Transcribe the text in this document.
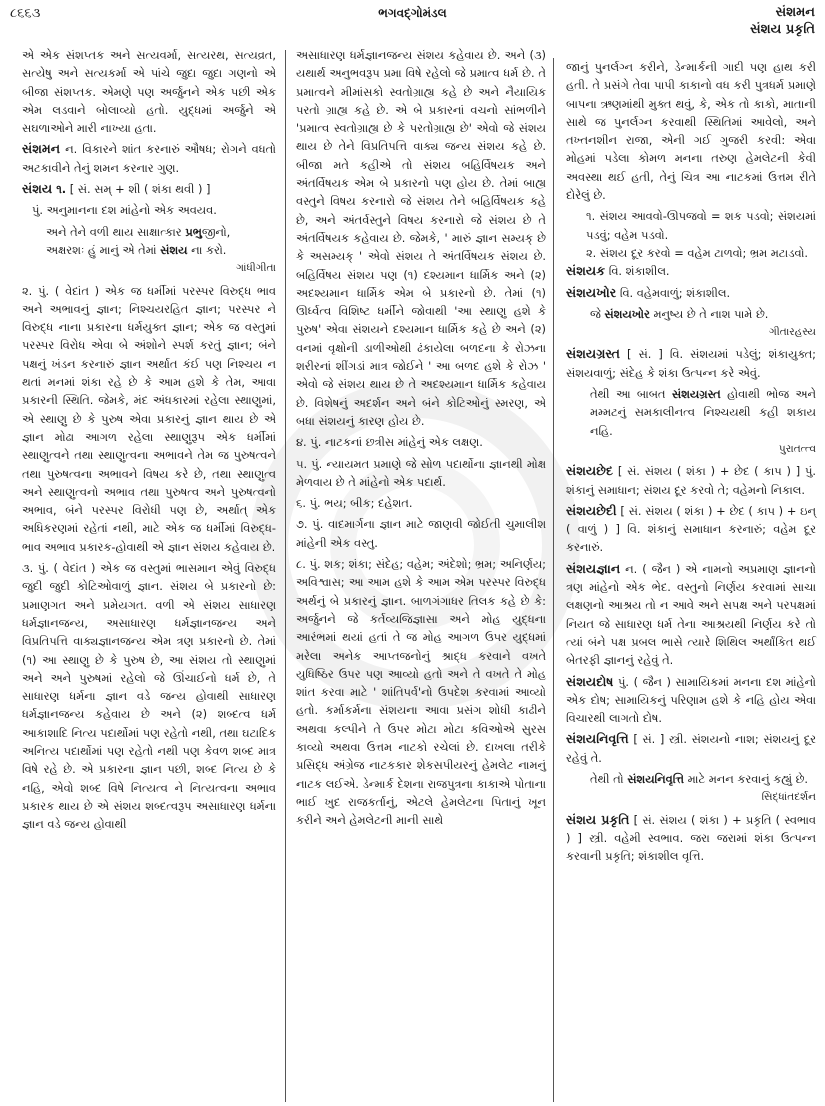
૮૬૬૩	ભગવદ્ગોમંડલ	સંશમન
સંશય પ્રકૃતિ

એ એક સંશપ્તક અને સત્યવર્મા, સત્યરથ, સત્યવ્રત, સત્યેષુ અને સત્યકર્મા એ પાંચે જુદા જુદા ગણનો એ બીજા સંશપ્તક. એમણે પણ અર્જુનને એક પછી એક એમ લડવાને બોલાવ્યો હતો. યુદ્ધમાં અર્જુને એ સઘળાઓને મારી નાખ્યા હતા.

સંશમન ન. વિકારને શાંત કરનારું ઔષધ; રોગને વધતો અટકાવીને તેનું શમન કરનાર ગુણ.

સંશય ૧. [ સં. સમ્ + શી ( શંકા થવી ) ]

પું. અનુમાનના દશ માંહેનો એક અવયવ.

અને તેને વળી થાય સાક્ષાત્કાર પ્રભુજીનો,
અક્ષરશઃ હું માનું એ તેમાં સંશય ના કરો.

ગાંધીગીતા

૨. પું. ( વેદાંત ) એક જ ધર્મીમાં પરસ્પર વિરુદ્ધ ભાવ અને અભાવનું જ્ઞાન; નિશ્ચયરહિત જ્ઞાન; પરસ્પર ને વિરુદ્ધ નાના પ્રકારના ધર્મયુક્ત જ્ઞાન; એક જ વસ્તુમાં પરસ્પર વિરોધ એવા બે અંશોને સ્પર્શ કરતું જ્ઞાન; બંને પક્ષનું ખંડન કરનારું જ્ઞાન અર્થાત કંઈ પણ નિશ્ચય ન થતાં મનમાં શંકા રહે છે કે આમ હશે કે તેમ, આવા પ્રકારની સ્થિતિ. જેમકે, મંદ અંધકારમાં રહેલા સ્થાણુમાં, એ સ્થાણુ છે કે પુરુષ એવા પ્રકારનું જ્ઞાન થાય છે એ જ્ઞાન મોઢા આગળ રહેલા સ્થાણુરૂપ એક ધર્મીમાં સ્થાણુત્વને તથા સ્થાણુત્વના અભાવને તેમ જ પુરુષત્વને તથા પુરુષત્વના અભાવને વિષય કરે છે, તથા સ્થાણુત્વ અને સ્થાણુત્વનો અભાવ તથા પુરુષત્વ અને પુરુષત્વનો અભાવ, બંને પરસ્પર વિરોધી પણ છે, અર્થાત્ એક અધિકરણમાં રહેતાં નથી, માટે એક જ ધર્મીમાં વિરુદ્ધ-ભાવ અભાવ પ્રકારક-હોવાથી એ જ્ઞાન સંશય કહેવાય છે.

૩. પું. ( વેદાંત ) એક જ વસ્તુમાં ભાસમાન એવું વિરુદ્ધ જુદી જુદી કોટિઓવાળું જ્ઞાન. સંશય બે પ્રકારનો છે: પ્રમાણગત અને પ્રમેયગત. વળી એ સંશય સાધારણ ધર્મજ્ઞાનજન્ય, અસાધારણ ધર્મજ્ઞાનજન્ય અને વિપ્રતિપત્તિ વાક્યજ્ઞાનજન્ય એમ ત્રણ પ્રકારનો છે. તેમાં (૧) આ સ્થાણુ છે કે પુરુષ છે, આ સંશય તો સ્થાણુમાં અને અને પુરુષમાં રહેલો જે ઊંચાઈનો ધર્મ છે, તે સાધારણ ધર્મના જ્ઞાન વડે જન્ય હોવાથી સાધારણ ધર્મજ્ઞાનજન્ય કહેવાય છે અને (૨) શબ્દત્વ ધર્મ આકાશાદિ નિત્ય પદાર્થોમાં પણ રહેતો નથી, તથા ઘટાદિક અનિત્ય પદાર્થોમાં પણ રહેતો નથી પણ કેવળ શબ્દ માત્ર વિષે રહે છે. એ પ્રકારના જ્ઞાન પછી, શબ્દ નિત્ય છે કે નહિ, એવો શબ્દ વિષે નિત્યત્વ ને નિત્યત્વના અભાવ પ્રકારક થાય છે એ સંશય શબ્દત્વરૂપ અસાધારણ ધર્મના જ્ઞાન વડે જન્ય હોવાથી

અસાધારણ ધર્મજ્ઞાનજન્ય સંશય કહેવાય છે. અને (૩) યથાર્થ અનુભવરૂપ પ્રમા વિષે રહેલો જે પ્રમાત્વ ધર્મ છે. તે પ્રમાત્વને મીમાંસકો સ્વતોગ્રાહ્ય કહે છે અને નૈયાયિક પરતો ગ્રાહ્ય કહે છે. એ બે પ્રકારનાં વચનો સાંભળીને 'પ્રમાત્વ સ્વતોગ્રાહ્ય છે કે પરતોગ્રાહ્ય છે' એવો જે સંશય થાય છે તેને વિપ્રતિપત્તિ વાક્ય જન્ય સંશય કહે છે. બીજા મતે કહીએ તો સંશય બહિર્વિષયક અને અંતર્વિષયક એમ બે પ્રકારનો પણ હોય છે. તેમાં બાહ્ય વસ્તુને વિષય કરનારો જે સંશય તેને બહિર્વિષયક કહે છે, અને અંતર્વસ્તુને વિષય કરનારો જે સંશય છે તે અંતર્વિષયક કહેવાય છે. જેમકે, ' મારું જ્ઞાન સમ્યક્ છે કે અસમ્યક્ ' એવો સંશય તે અંતર્વિષયક સંશય છે. બહિર્વિષય સંશય પણ (૧) દશ્યમાન ધાર્મિક અને (૨) અદશ્યમાન ધાર્મિક એમ બે પ્રકારનો છે. તેમાં (૧) ઊર્ધ્વત્વ વિશિષ્ટ ધર્મીને જોવાથી 'આ સ્થાણુ હશે કે પુરુષ' એવા સંશયને દશ્યમાન ધાર્મિક કહે છે અને (૨) વનમાં વૃક્ષોની ડાળીઓથી ઢંકાયેલા બળદના કે રોઝના શરીરનાં શીંગડાં માત્ર જોઈને ' આ બળદ હશે કે રોઝ ' એવો જે સંશય થાય છે તે અદશ્યમાન ધાર્મિક કહેવાય છે. વિશેષનું અદર્શન અને બંને કોટિઓનું સ્મરણ, એ બધા સંશયનું કારણ હોય છે.

૪. પું. નાટકનાં છત્રીસ માંહેનું એક લક્ષણ.

૫. પું. ન્યાયમત પ્રમાણે જે સોળ પદાર્થોના જ્ઞાનથી મોક્ષ મેળવાય છે તે માંહેનો એક પદાર્થ.

૬. પું. ભય; બીક; દહેશત.

૭. પું. વાદમાર્ગના જ્ઞાન માટે જાણવી જોઈતી ચુમાલીશ માંહેની એક વસ્તુ.

૮. પું. શક; શંકા; સંદેહ; વહેમ; અંદેશો; ભ્રમ; અનિર્ણય; અવિશ્વાસ; આ આમ હશે કે આમ એમ પરસ્પર વિરુદ્ધ અર્થનું બે પ્રકારનું જ્ઞાન. બાળગંગાધર તિલક કહે છે કે: અર્જુનને જે કર્તવ્યજિજ્ઞાસા અને મોહ યુદ્ધના આરંભમાં થયાં હતાં તે જ મોહ આગળ ઉપર યુદ્ધમાં મરેલા અનેક આપ્તજનોનું શ્રાદ્ધ કરવાને વખતે યુધિષ્ઠિર ઉપર પણ આવ્યો હતો અને તે વખતે તે મોહ શાંત કરવા માટે ' શાંતિપર્વ'નો ઉપદેશ કરવામાં આવ્યો હતો. કર્માકર્મના સંશયના આવા પ્રસંગ શોધી કાઢીને અથવા કલ્પીને તે ઉપર મોટા મોટા કવિઓએ સુરસ કાવ્યો અથવા ઉત્તમ નાટકો રચેલાં છે. દાખલા તરીકે પ્રસિદ્ધ અંગ્રેજ નાટકકાર શેકસપીયરનું હેમલેટ નામનું નાટક લઈએ. ડેન્માર્ક દેશના રાજપુત્રના કાકાએ પોતાના ભાઈ ખુદ રાજકર્તાનું, એટલે હેમલેટના પિતાનું ખૂન કરીને અને હેમલેટની માની સાથે

જાનું પુનર્લગ્ન કરીને, ડેન્માર્કની ગાદી પણ હાથ કરી હતી. તે પ્રસંગે તેવા પાપી કાકાનો વધ કરી પુત્રધર્મ પ્રમાણે બાપના ઋણમાંથી મુક્ત થવું, કે, એક તો કાકો, માતાની સાથે જ પુનર્લગ્ન કરવાથી સ્થિતિમાં આવેલો, અને તખ્તનશીન રાજા, એની ગઈ ગુજરી કરવી: એવા મોહમાં પડેલા કોમળ મનના તરુણ હેમલેટની કેવી અવસ્થા થઈ હતી, તેનું ચિત્ર આ નાટકમાં ઉત્તમ રીતે દોરેલું છે.

૧. સંશય આવવો-ઊપજવો = શક પડવો; સંશયમાં પડવું; વહેમ પડવો.

૨. સંશય દૂર કરવો = વહેમ ટાળવો; ભ્રમ મટાડવો.

સંશયક વિ. શંકાશીલ.

સંશયખોર વિ. વહેમવાળું; શંકાશીલ.

જે સંશયખોર મનુષ્ય છે તે નાશ પામે છે.

ગીતારહસ્ય

સંશયગ્રસ્ત [ સં. ] વિ. સંશયમાં પડેલું; શંકાયુક્ત; સંશયવાળું; સંદેહ કે શંકા ઉત્પન્ન કરે એવું.

તેથી આ બાબત સંશયગ્રસ્ત હોવાથી ભોજ અને મમ્મટનું સમકાલીનત્વ નિશ્ચયથી કહી શકાય નહિ.

પુરાતત્ત્વ

સંશયછેદ [ સં. સંશય ( શંકા ) + છેદ ( કાપ ) ] પું. શંકાનું સમાધાન; સંશય દૂર કરવો તે; વહેમનો નિકાલ.

સંશયછેદી [ સં. સંશય ( શંકા ) + છેદ ( કાપ ) + ઇન્ ( વાળું ) ] વિ. શંકાનું સમાધાન કરનારું; વહેમ દૂર કરનારું.

સંશયજ્ઞાન ન. ( જૈન ) એ નામનો અપ્રમાણ જ્ઞાનનો ત્રણ માંહેનો એક ભેદ. વસ્તુનો નિર્ણય કરવામાં સાચા લક્ષણનો આશ્રય તો ન આવે અને સપક્ષ અને પરપક્ષમાં નિયત જે સાધારણ ધર્મ તેના આશ્રયથી નિર્ણય કરે તો ત્યાં બંને પક્ષ પ્રબલ ભાસે ત્યારે શિથિલ અર્થાંકિત થઈ બેતરફી જ્ઞાનનું રહેવું તે.

સંશયદોષ પું. ( જૈન ) સામાયિકમાં મનના દશ માંહેનો એક દોષ; સામાયિકનું પરિણામ હશે કે નહિ હોય એવા વિચારથી લાગતો દોષ.

સંશયનિવૃત્તિ [ સં. ] સ્ત્રી. સંશયનો નાશ; સંશયનું દૂર રહેવું તે.

તેથી તો સંશયનિવૃત્તિ માટે મનન કરવાનું કહ્યું છે.

સિદ્ધાંતદર્શન

સંશય પ્રકૃતિ [ સં. સંશય ( શંકા ) + પ્રકૃતિ ( સ્વભાવ ) ] સ્ત્રી. વહેમી સ્વભાવ. જરા જરામાં શંકા ઉત્પન્ન કરવાની પ્રકૃતિ; શંકાશીલ વૃત્તિ.
